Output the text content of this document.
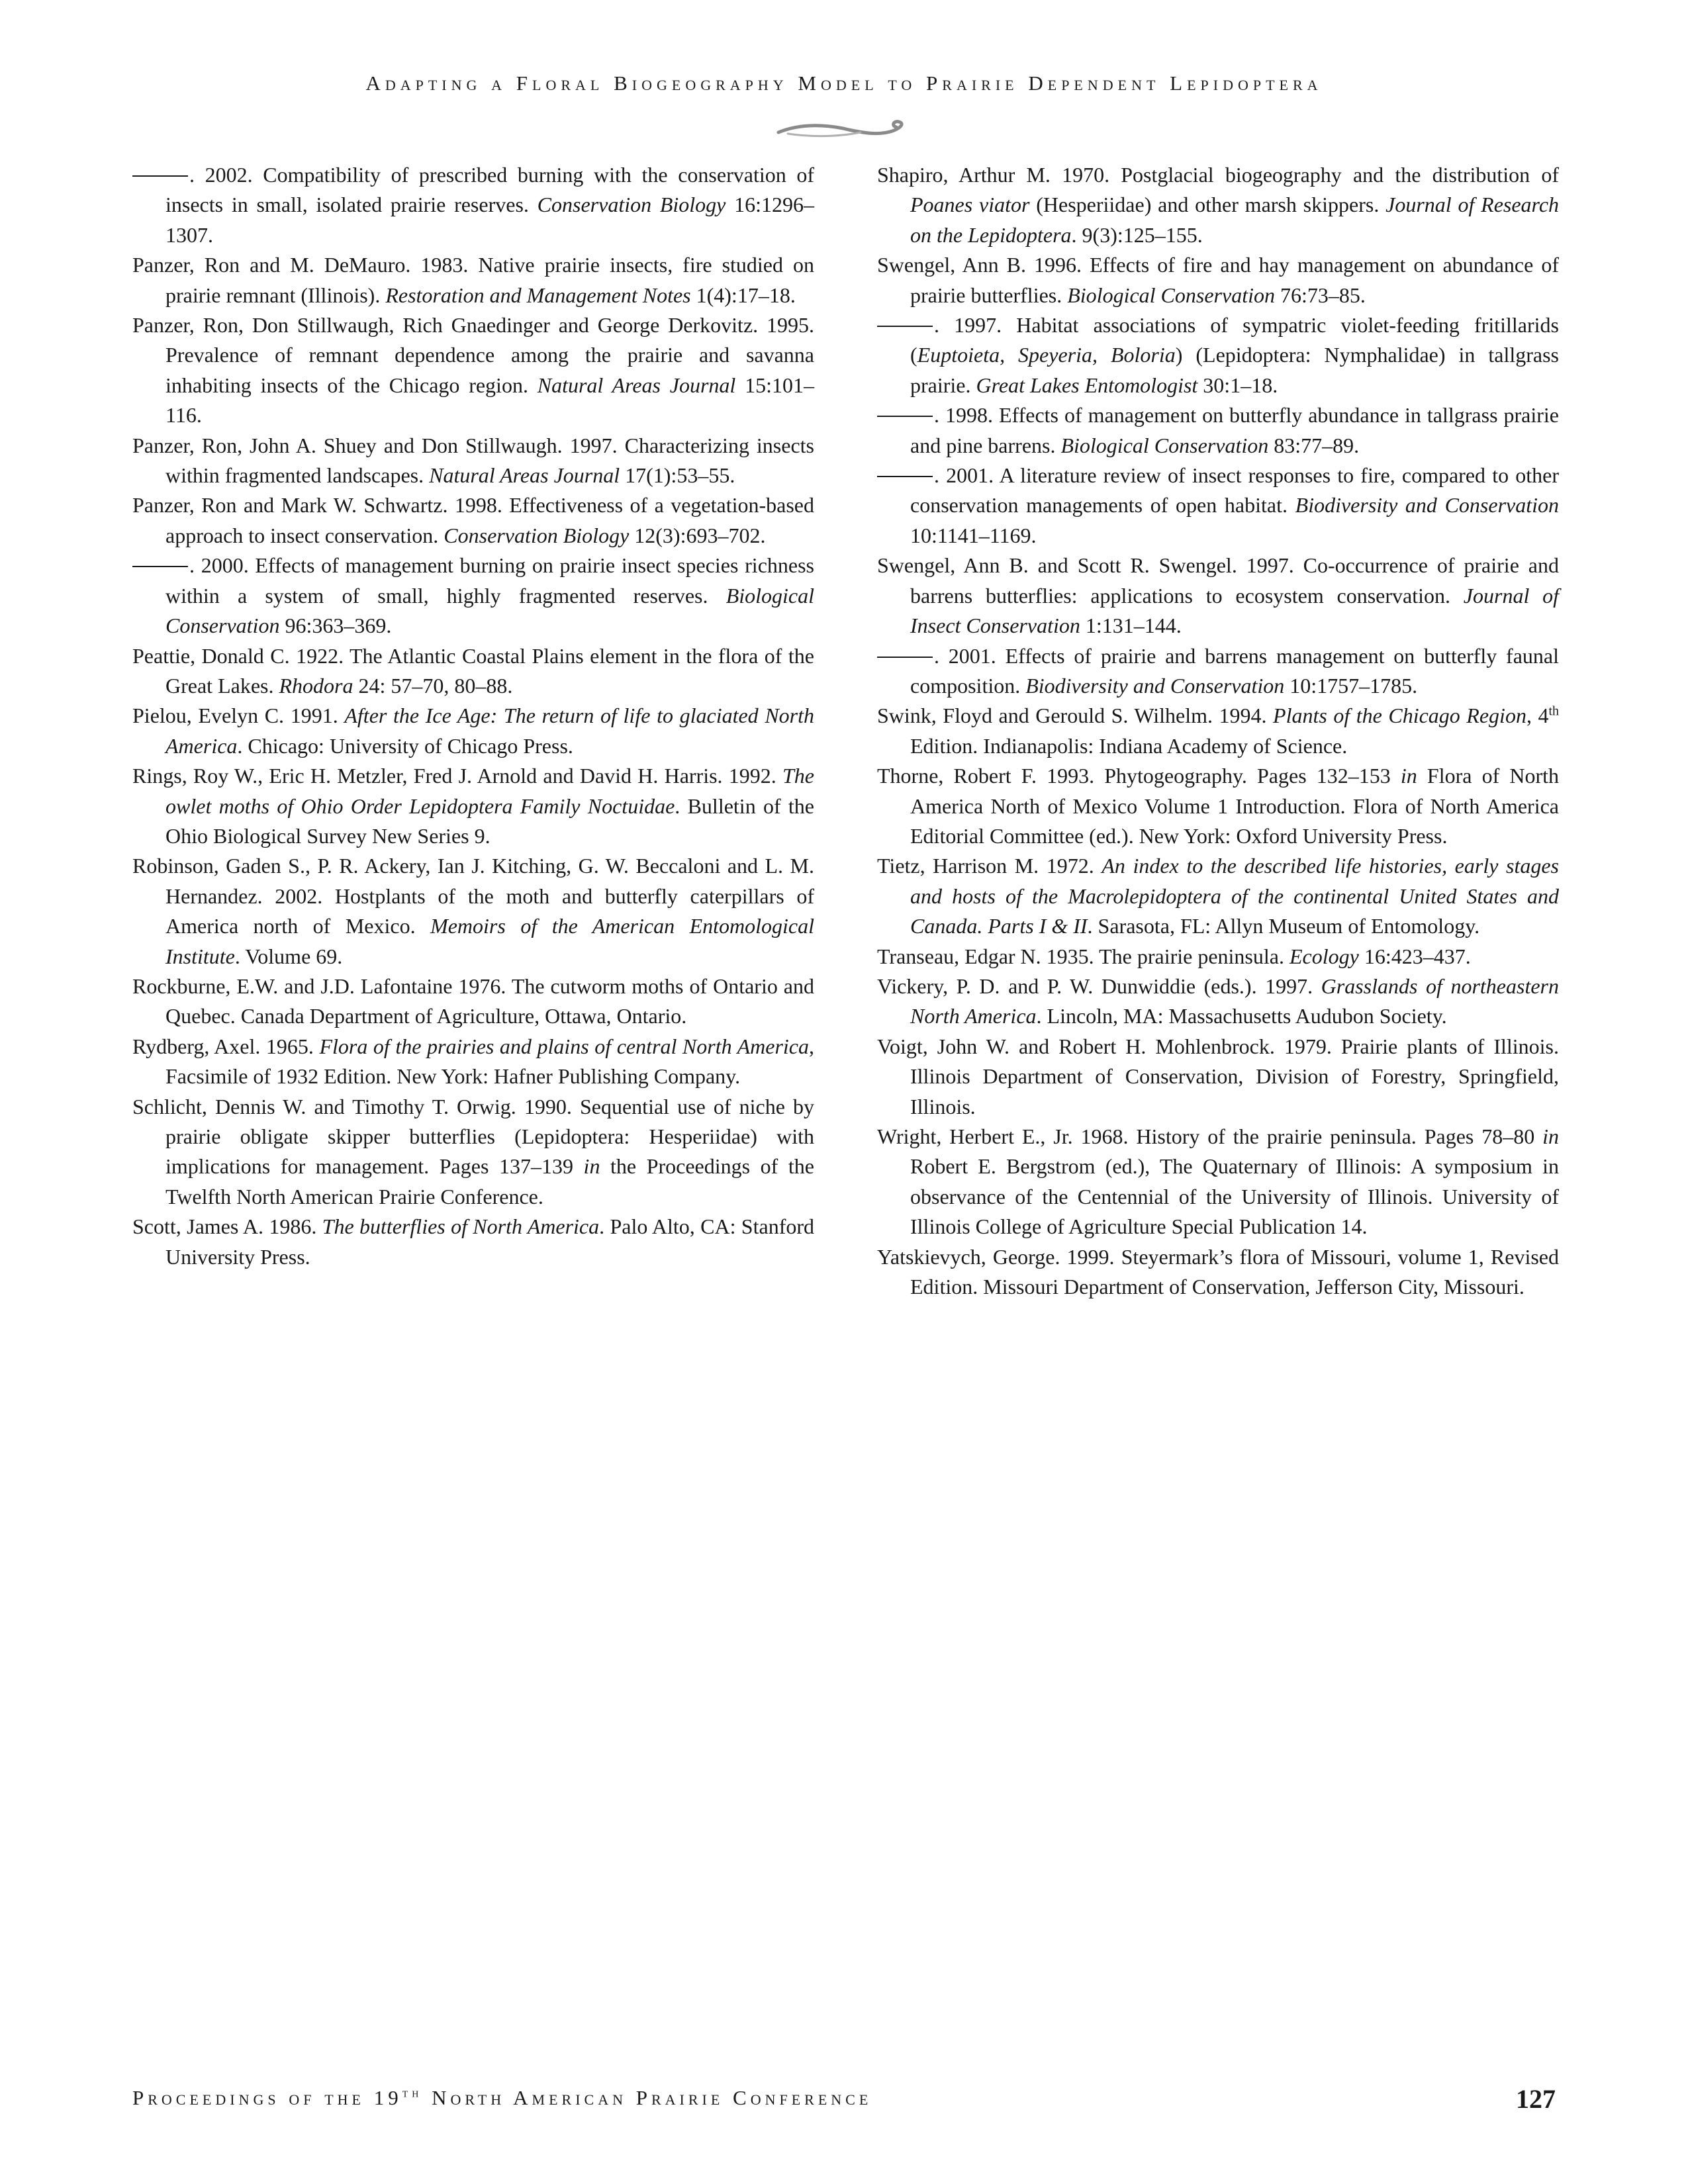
Adapting a Floral Biogeography Model to Prairie Dependent Lepidoptera

. 2002. Compatibility of prescribed burning with the conservation of insects in small, isolated prairie reserves. Conservation Biology 16:1296–1307.

Panzer, Ron and M. DeMauro. 1983. Native prairie insects, fire studied on prairie remnant (Illinois). Restoration and Management Notes 1(4):17–18.

Panzer, Ron, Don Stillwaugh, Rich Gnaedinger and George Derkovitz. 1995. Prevalence of remnant dependence among the prairie and savanna inhabiting insects of the Chicago region. Natural Areas Journal 15:101–116.

Panzer, Ron, John A. Shuey and Don Stillwaugh. 1997. Characterizing insects within fragmented landscapes. Natural Areas Journal 17(1):53–55.

Panzer, Ron and Mark W. Schwartz. 1998. Effectiveness of a vegetation-based approach to insect conservation. Conservation Biology 12(3):693–702.

. 2000. Effects of management burning on prairie insect species richness within a system of small, highly fragmented reserves. Biological Conservation 96:363–369.

Peattie, Donald C. 1922. The Atlantic Coastal Plains element in the flora of the Great Lakes. Rhodora 24: 57–70, 80–88.

Pielou, Evelyn C. 1991. After the Ice Age: The return of life to glaciated North America. Chicago: University of Chicago Press.

Rings, Roy W., Eric H. Metzler, Fred J. Arnold and David H. Harris. 1992. The owlet moths of Ohio Order Lepidoptera Family Noctuidae. Bulletin of the Ohio Biological Survey New Series 9.

Robinson, Gaden S., P. R. Ackery, Ian J. Kitching, G. W. Beccaloni and L. M. Hernandez. 2002. Hostplants of the moth and butterfly caterpillars of America north of Mexico. Memoirs of the American Entomological Institute. Volume 69.

Rockburne, E.W. and J.D. Lafontaine 1976. The cutworm moths of Ontario and Quebec. Canada Department of Agriculture, Ottawa, Ontario.

Rydberg, Axel. 1965. Flora of the prairies and plains of central North America, Facsimile of 1932 Edition. New York: Hafner Publishing Company.

Schlicht, Dennis W. and Timothy T. Orwig. 1990. Sequential use of niche by prairie obligate skipper butterflies (Lepidoptera: Hesperiidae) with implications for management. Pages 137–139 in the Proceedings of the Twelfth North American Prairie Conference.

Scott, James A. 1986. The butterflies of North America. Palo Alto, CA: Stanford University Press.

Shapiro, Arthur M. 1970. Postglacial biogeography and the distribution of Poanes viator (Hesperiidae) and other marsh skippers. Journal of Research on the Lepidoptera. 9(3):125–155.

Swengel, Ann B. 1996. Effects of fire and hay management on abundance of prairie butterflies. Biological Conservation 76:73–85.

. 1997. Habitat associations of sympatric violet-feeding fritillarids (Euptoieta, Speyeria, Boloria) (Lepidoptera: Nymphalidae) in tallgrass prairie. Great Lakes Entomologist 30:1–18.

. 1998. Effects of management on butterfly abundance in tallgrass prairie and pine barrens. Biological Conservation 83:77–89.

. 2001. A literature review of insect responses to fire, compared to other conservation managements of open habitat. Biodiversity and Conservation 10:1141–1169.

Swengel, Ann B. and Scott R. Swengel. 1997. Co-occurrence of prairie and barrens butterflies: applications to ecosystem conservation. Journal of Insect Conservation 1:131–144.

. 2001. Effects of prairie and barrens management on butterfly faunal composition. Biodiversity and Conservation 10:1757–1785.

Swink, Floyd and Gerould S. Wilhelm. 1994. Plants of the Chicago Region, 4th Edition. Indianapolis: Indiana Academy of Science.

Thorne, Robert F. 1993. Phytogeography. Pages 132–153 in Flora of North America North of Mexico Volume 1 Introduction. Flora of North America Editorial Committee (ed.). New York: Oxford University Press.

Tietz, Harrison M. 1972. An index to the described life histories, early stages and hosts of the Macrolepidoptera of the continental United States and Canada. Parts I & II. Sarasota, FL: Allyn Museum of Entomology.

Transeau, Edgar N. 1935. The prairie peninsula. Ecology 16:423–437.

Vickery, P. D. and P. W. Dunwiddie (eds.). 1997. Grasslands of northeastern North America. Lincoln, MA: Massachusetts Audubon Society.

Voigt, John W. and Robert H. Mohlenbrock. 1979. Prairie plants of Illinois. Illinois Department of Conservation, Division of Forestry, Springfield, Illinois.

Wright, Herbert E., Jr. 1968. History of the prairie peninsula. Pages 78–80 in Robert E. Bergstrom (ed.), The Quaternary of Illinois: A symposium in observance of the Centennial of the University of Illinois. University of Illinois College of Agriculture Special Publication 14.

Yatskievych, George. 1999. Steyermark’s flora of Missouri, volume 1, Revised Edition. Missouri Department of Conservation, Jefferson City, Missouri.

Proceedings of the 19th North American Prairie Conference	127
